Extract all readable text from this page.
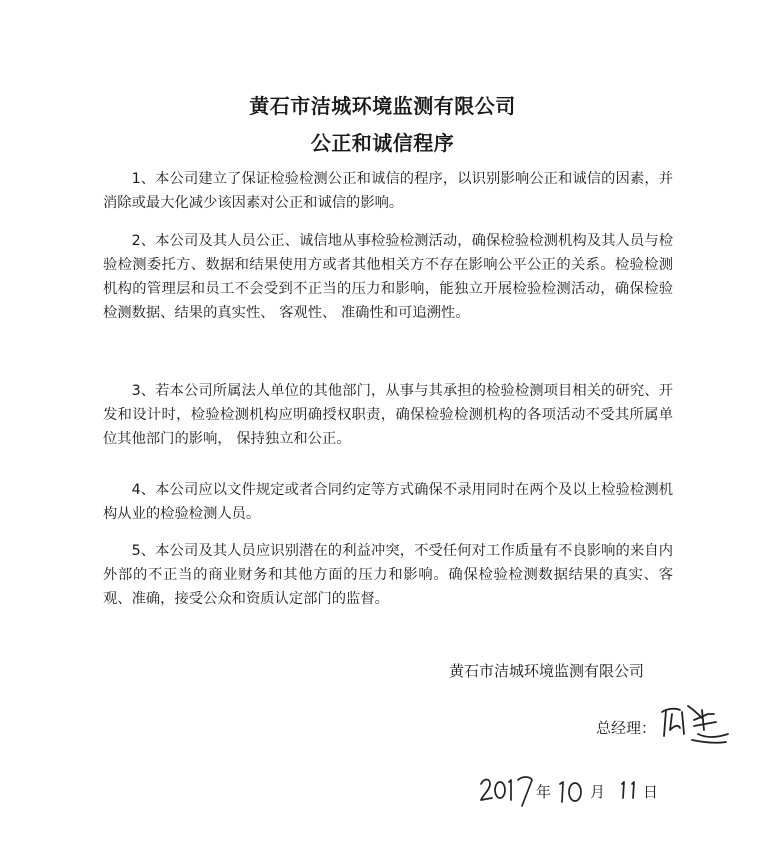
黄石市洁城环境监测有限公司
公正和诚信程序

1、本公司建立了保证检验检测公正和诚信的程序，以识别影响公正和诚信的因素，并消除或最大化减少该因素对公正和诚信的影响。

2、本公司及其人员公正、诚信地从事检验检测活动，确保检验检测机构及其人员与检验检测委托方、数据和结果使用方或者其他相关方不存在影响公平公正的关系。检验检测机构的管理层和员工不会受到不正当的压力和影响，能独立开展检验检测活动，确保检验检测数据、结果的真实性、 客观性、 准确性和可追溯性。

3、若本公司所属法人单位的其他部门，从事与其承担的检验检测项目相关的研究、开发和设计时，检验检测机构应明确授权职责，确保检验检测机构的各项活动不受其所属单位其他部门的影响， 保持独立和公正。

4、本公司应以文件规定或者合同约定等方式确保不录用同时在两个及以上检验检测机构从业的检验检测人员。

5、本公司及其人员应识别潜在的利益冲突，不受任何对工作质量有不良影响的来自内外部的不正当的商业财务和其他方面的压力和影响。确保检验检测数据结果的真实、客观、准确，接受公众和资质认定部门的监督。

黄石市洁城环境监测有限公司
总经理：
年	月	日
